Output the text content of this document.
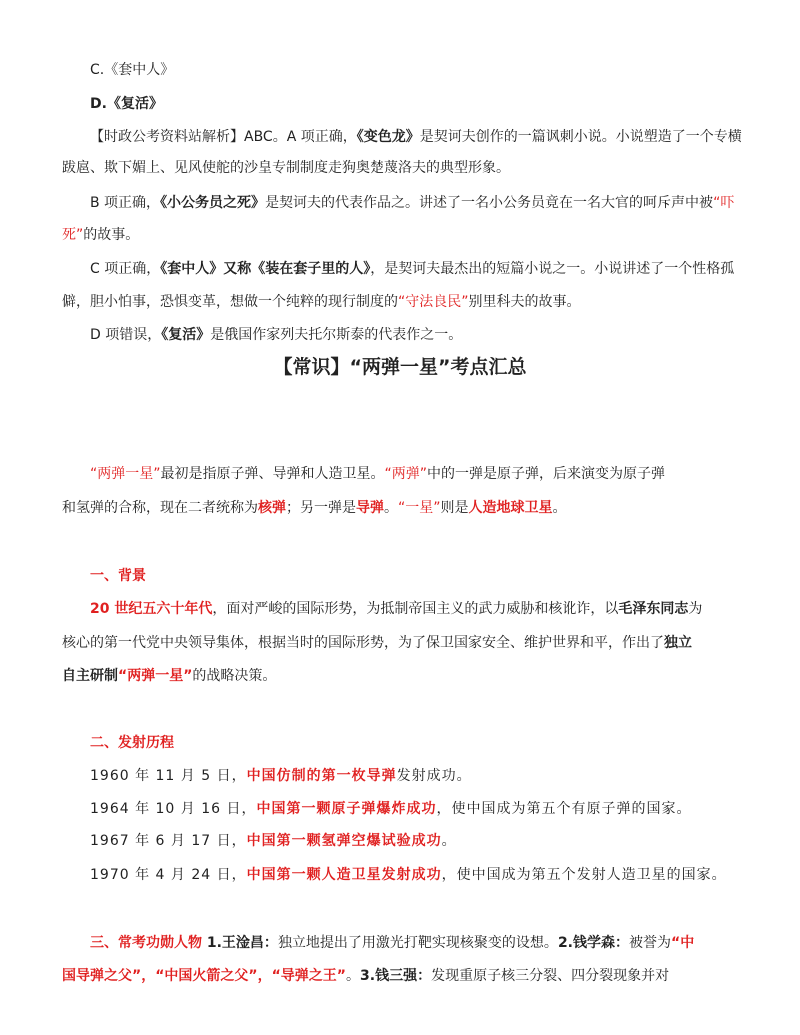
C.《套中人》
D.《复活》
【时政公考资料站解析】ABC。A 项正确，《变色龙》是契诃夫创作的一篇讽刺小说。小说塑造了一个专横
跋扈、欺下媚上、见风使舵的沙皇专制制度走狗奥楚蔑洛夫的典型形象。
B 项正确，《小公务员之死》是契诃夫的代表作品之。讲述了一名小公务员竟在一名大官的呵斥声中被“吓
死”的故事。
C 项正确，《套中人》又称《装在套子里的人》，是契诃夫最杰出的短篇小说之一。小说讲述了一个性格孤
僻，胆小怕事，恐惧变革，想做一个纯粹的现行制度的“守法良民”别里科夫的故事。
D 项错误，《复活》是俄国作家列夫托尔斯泰的代表作之一。
【常识】“两弹一星”考点汇总
“两弹一星”最初是指原子弹、导弹和人造卫星。“两弹”中的一弹是原子弹，后来演变为原子弹
和氢弹的合称，现在二者统称为核弹；另一弹是导弹。“一星”则是人造地球卫星。
一、背景
20 世纪五六十年代，面对严峻的国际形势，为抵制帝国主义的武力威胁和核讹诈，以毛泽东同志为
核心的第一代党中央领导集体，根据当时的国际形势，为了保卫国家安全、维护世界和平，作出了独立
自主研制“两弹一星”的战略决策。
二、发射历程
1960 年 11 月 5 日，中国仿制的第一枚导弹发射成功。
1964 年 10 月 16 日，中国第一颗原子弹爆炸成功，使中国成为第五个有原子弹的国家。
1967 年 6 月 17 日，中国第一颗氢弹空爆试验成功。
1970 年 4 月 24 日，中国第一颗人造卫星发射成功，使中国成为第五个发射人造卫星的国家。
三、常考功勋人物 1.王淦昌：独立地提出了用激光打靶实现核聚变的设想。2.钱学森：被誉为“中
国导弹之父”，“中国火箭之父”，“导弹之王”。3.钱三强：发现重原子核三分裂、四分裂现象并对
